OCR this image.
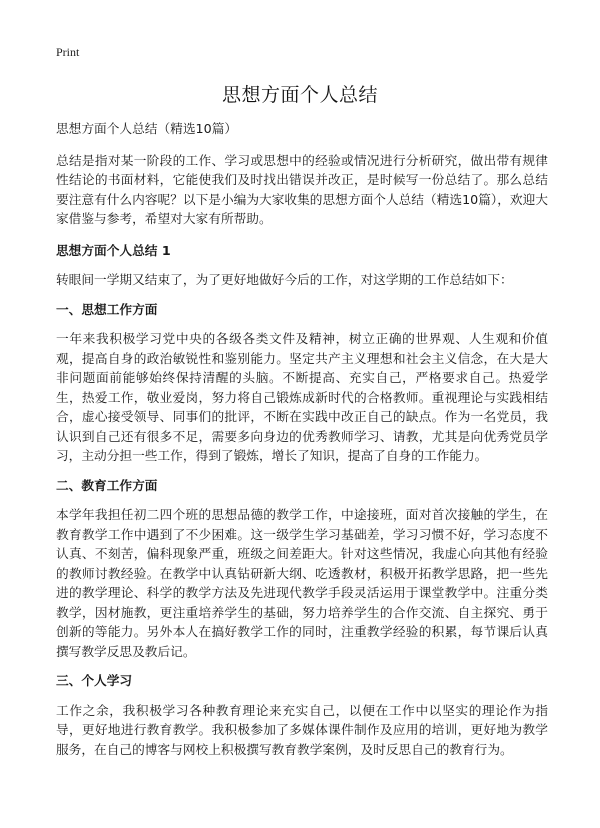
Print
思想方面个人总结

思想方面个人总结（精选10篇）

总结是指对某一阶段的工作、学习或思想中的经验或情况进行分析研究，做出带有规律性结论的书面材料，它能使我们及时找出错误并改正，是时候写一份总结了。那么总结要注意有什么内容呢？以下是小编为大家收集的思想方面个人总结（精选10篇），欢迎大家借鉴与参考，希望对大家有所帮助。

思想方面个人总结 1

转眼间一学期又结束了，为了更好地做好今后的工作，对这学期的工作总结如下：

一、思想工作方面

一年来我积极学习党中央的各级各类文件及精神，树立正确的世界观、人生观和价值观，提高自身的政治敏锐性和鉴别能力。坚定共产主义理想和社会主义信念，在大是大非问题面前能够始终保持清醒的头脑。不断提高、充实自己，严格要求自己。热爱学生，热爱工作，敬业爱岗，努力将自己锻炼成新时代的合格教师。重视理论与实践相结合，虚心接受领导、同事们的批评，不断在实践中改正自己的缺点。作为一名党员，我认识到自己还有很多不足，需要多向身边的优秀教师学习、请教，尤其是向优秀党员学习，主动分担一些工作，得到了锻炼，增长了知识，提高了自身的工作能力。

二、教育工作方面

本学年我担任初二四个班的思想品德的教学工作，中途接班，面对首次接触的学生，在教育教学工作中遇到了不少困难。这一级学生学习基础差，学习习惯不好，学习态度不认真、不刻苦，偏科现象严重，班级之间差距大。针对这些情况，我虚心向其他有经验的教师讨教经验。在教学中认真钻研新大纲、吃透教材，积极开拓教学思路，把一些先进的教学理论、科学的教学方法及先进现代教学手段灵活运用于课堂教学中。注重分类教学，因材施教，更注重培养学生的基础，努力培养学生的合作交流、自主探究、勇于创新的等能力。另外本人在搞好教学工作的同时，注重教学经验的积累，每节课后认真撰写教学反思及教后记。

三、个人学习

工作之余，我积极学习各种教育理论来充实自己，以便在工作中以坚实的理论作为指导，更好地进行教育教学。我积极参加了多媒体课件制作及应用的培训，更好地为教学服务，在自己的博客与网校上积极撰写教育教学案例，及时反思自己的教育行为。
